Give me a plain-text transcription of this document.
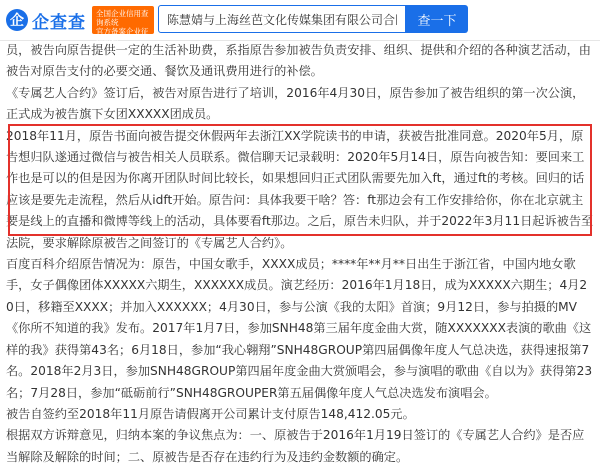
企 企查查	全国企业信用查询系统
官方备案企业征信机构
陈慧婧与上海丝芭文化传媒集团有限公司合同纠纷的案件
查一下

员，被告向原告提供一定的生活补助费，系指原告参加被告负责安排、组织、提供和介绍的各种演艺活动，由被告对原告支付的必要交通、餐饮及通讯费用进行的补偿。

《专属艺人合约》签订后，被告对原告进行了培训，2016年4月30日，原告参加了被告组织的第一次公演，正式成为被告旗下女团XXXXX团成员。

2018年11月，原告书面向被告提交休假两年去浙江XX学院读书的申请，获被告批准同意。2020年5月，原告想归队遂通过微信与被告相关人员联系。微信聊天记录载明：2020年5月14日，原告向被告知：要回来工作也是可以的但是因为你离开团队时间比较长，如果想回归正式团队需要先加入ft，通过ft的考核。回归的话应该是要先走流程，然后从idft开始。原告问：具体我要干啥？答：ft那边会有工作安排给你，你在北京就主要是线上的直播和微博等线上的活动，具体要看ft那边。之后，原告未归队，并于2022年3月11日起诉被告至法院，要求解除原被告之间签订的《专属艺人合约》。

百度百科介绍原告情况为：原告，中国女歌手，XXXX成员；****年**月**日出生于浙江省，中国内地女歌手，女子偶像团体XXXXX六期生，XXXXXX成员。演艺经历：2016年1月18日，成为XXXXX六期生；4月20日，移籍至XXXX；并加入XXXXXX；4月30日，参与公演《我的太阳》首演；9月12日，参与拍摄的MV《你所不知道的我》发布。2017年1月7日，参加SNH48第三届年度金曲大赏，随XXXXXXX表演的歌曲《这样的我》获得第43名；6月18日，参加“我心翱翔”SNH48GROUP第四届偶像年度人气总决选，获得速报第7名。2018年2月3日，参加SNH48GROUP第四届年度金曲大赏颁唱会，参与演唱的歌曲《自以为》获得第23名；7月28日，参加“砥砺前行”SNH48GROUPER第五届偶像年度人气总决选发布演唱会。

被告自签约至2018年11月原告请假离开公司累计支付原告148,412.05元。

根据双方诉辩意见，归纳本案的争议焦点为：一、原被告于2016年1月19日签订的《专属艺人合约》是否应当解除及解除的时间；二、原被告是否存在违约行为及违约金数额的确定。
